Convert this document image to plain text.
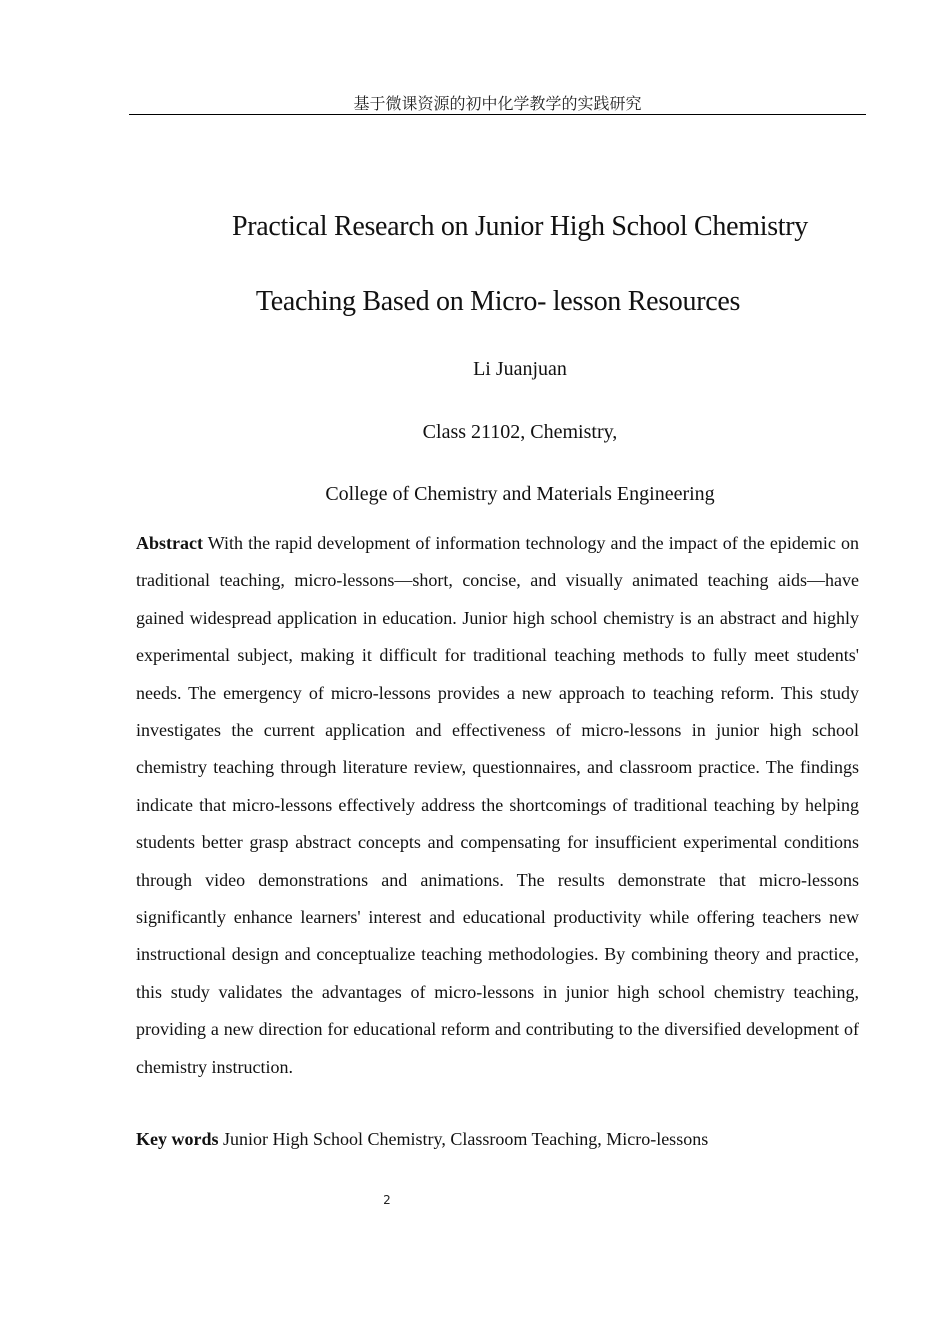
基于微课资源的初中化学教学的实践研究
Practical Research on Junior High School Chemistry
Teaching Based on Micro- lesson Resources
Li Juanjuan
Class 21102, Chemistry,
College of Chemistry and Materials Engineering

Abstract With the rapid development of information technology and the impact of the epidemic on traditional teaching, micro-lessons—short, concise, and visually animated teaching aids—have gained widespread application in education. Junior high school chemistry is an abstract and highly experimental subject, making it difficult for traditional teaching methods to fully meet students' needs. The emergency of micro-lessons provides a new approach to teaching reform. This study investigates the current application and effectiveness of micro-lessons in junior high school chemistry teaching through literature review, questionnaires, and classroom practice. The findings indicate that micro-lessons effectively address the shortcomings of traditional teaching by helping students better grasp abstract concepts and compensating for insufficient experimental conditions through video demonstrations and animations. The results demonstrate that micro-lessons significantly enhance learners' interest and educational productivity while offering teachers new instructional design and conceptualize teaching methodologies. By combining theory and practice, this study validates the advantages of micro-lessons in junior high school chemistry teaching, providing a new direction for educational reform and contributing to the diversified development of chemistry instruction.

Key words Junior High School Chemistry, Classroom Teaching, Micro-lessons

2
